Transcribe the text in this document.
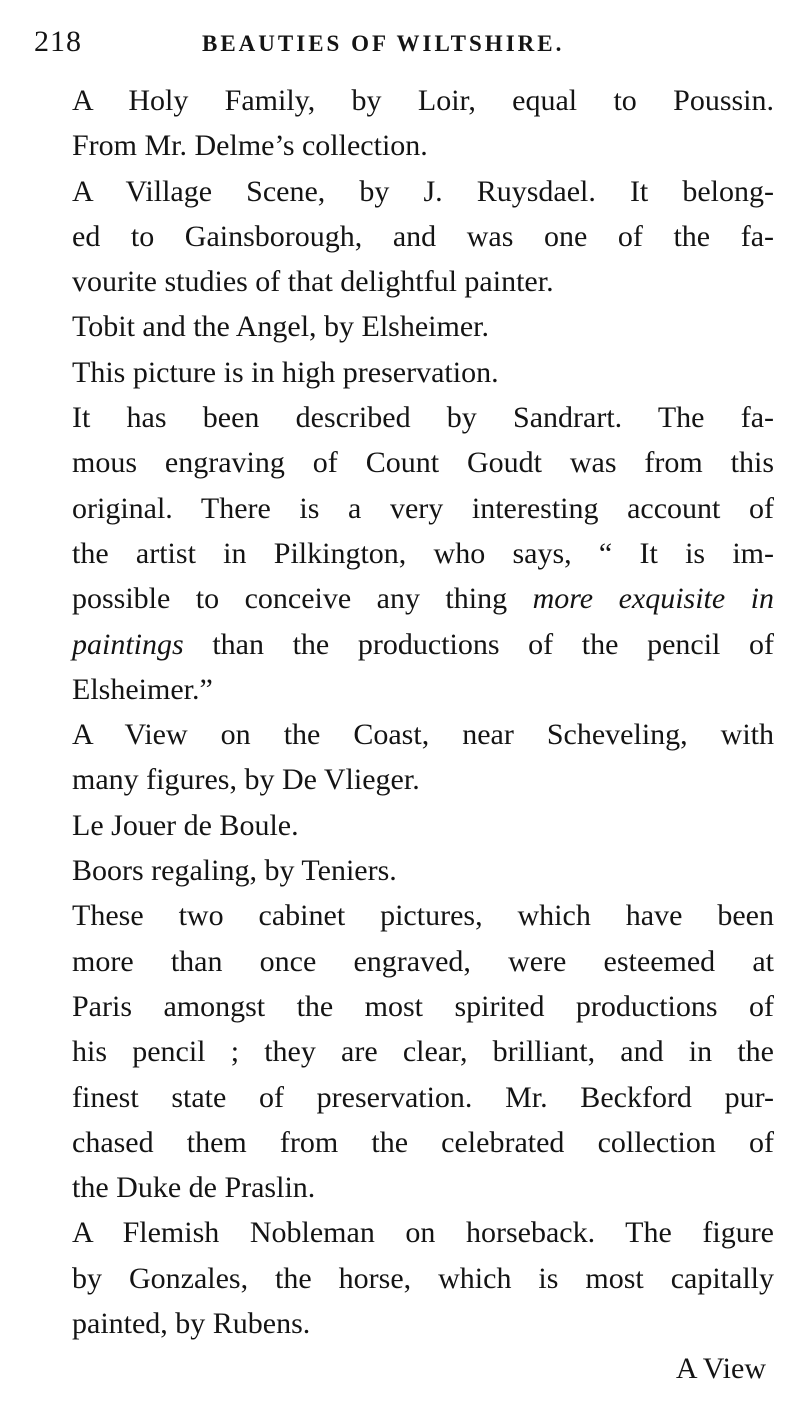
218	BEAUTIES OF WILTSHIRE.

A Holy Family, by Loir, equal to Poussin.
From Mr. Delme’s collection.

A Village Scene, by J. Ruysdael. It belong-
ed to Gainsborough, and was one of the fa-
vourite studies of that delightful painter.

Tobit and the Angel, by Elsheimer.

This picture is in high preservation.

It has been described by Sandrart. The fa-
mous engraving of Count Goudt was from this
original. There is a very interesting account of
the artist in Pilkington, who says, “ It is im-
possible to conceive any thing more exquisite in
paintings than the productions of the pencil of
Elsheimer.”

A View on the Coast, near Scheveling, with
many figures, by De Vlieger.

Le Jouer de Boule.

Boors regaling, by Teniers.

These two cabinet pictures, which have been
more than once engraved, were esteemed at
Paris amongst the most spirited productions of
his pencil ; they are clear, brilliant, and in the
finest state of preservation. Mr. Beckford pur-
chased them from the celebrated collection of
the Duke de Praslin.

A Flemish Nobleman on horseback. The figure
by Gonzales, the horse, which is most capitally
painted, by Rubens.

A View
